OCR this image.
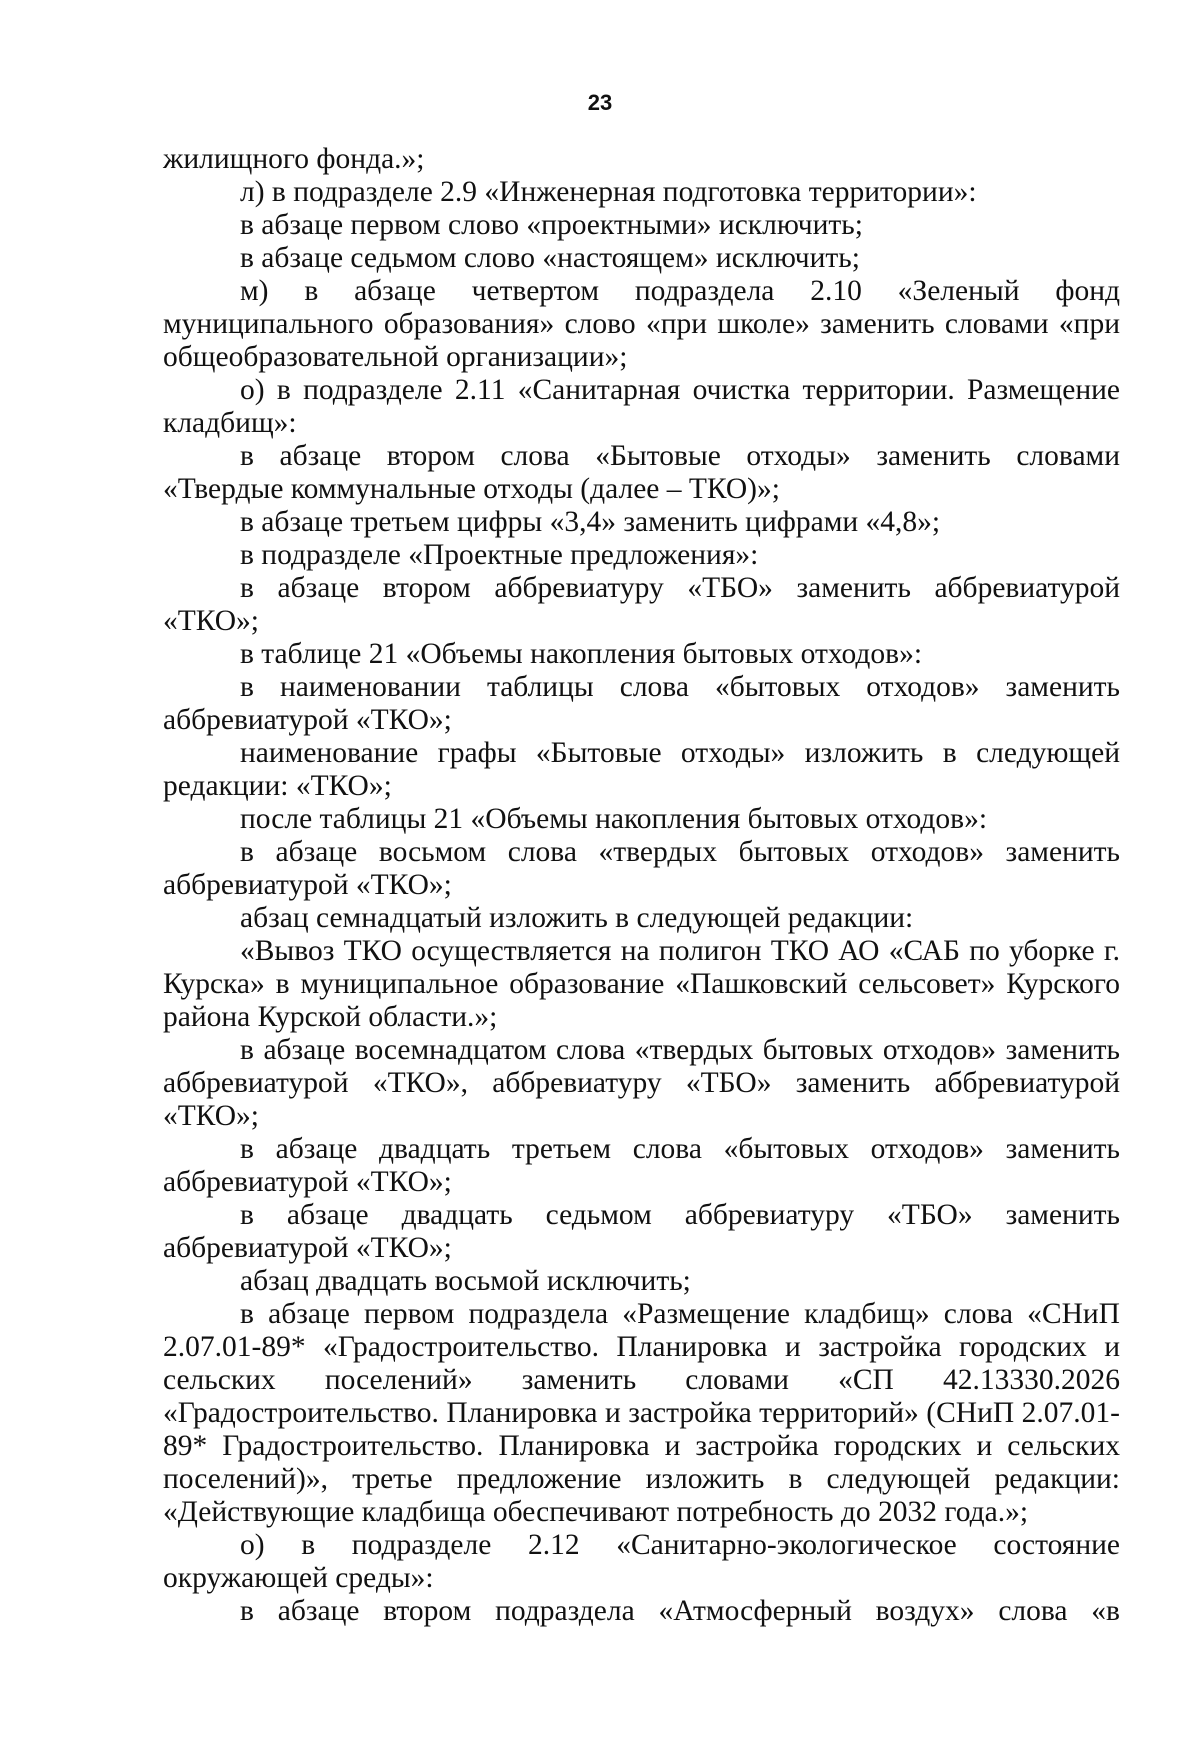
23

жилищного фонда.»;

л) в подразделе 2.9 «Инженерная подготовка территории»:

в абзаце первом слово «проектными» исключить;

в абзаце седьмом слово «настоящем» исключить;

м) в абзаце четвертом подраздела 2.10 «Зеленый фонд муниципального образования» слово «при школе» заменить словами «при общеобразовательной организации»;

о) в подразделе 2.11 «Санитарная очистка территории. Размещение кладбищ»:

в абзаце втором слова «Бытовые отходы» заменить словами «Твердые коммунальные отходы (далее – ТКО)»;

в абзаце третьем цифры «3,4» заменить цифрами «4,8»;

в подразделе «Проектные предложения»:

в абзаце втором аббревиатуру «ТБО» заменить аббревиатурой «ТКО»;

в таблице 21 «Объемы накопления бытовых отходов»:

в наименовании таблицы слова «бытовых отходов» заменить аббревиатурой «ТКО»;

наименование графы «Бытовые отходы» изложить в следующей редакции: «ТКО»;

после таблицы 21 «Объемы накопления бытовых отходов»:

в абзаце восьмом слова «твердых бытовых отходов» заменить аббревиатурой «ТКО»;

абзац семнадцатый изложить в следующей редакции:

«Вывоз ТКО осуществляется на полигон ТКО АО «САБ по уборке г. Курска» в муниципальное образование «Пашковский сельсовет» Курского района Курской области.»;

в абзаце восемнадцатом слова «твердых бытовых отходов» заменить аббревиатурой «ТКО», аббревиатуру «ТБО» заменить аббревиатурой «ТКО»;

в абзаце двадцать третьем слова «бытовых отходов» заменить аббревиатурой «ТКО»;

в абзаце двадцать седьмом аббревиатуру «ТБО» заменить аббревиатурой «ТКО»;

абзац двадцать восьмой исключить;

в абзаце первом подраздела «Размещение кладбищ» слова «СНиП 2.07.01-89* «Градостроительство. Планировка и застройка городских и сельских поселений» заменить словами «СП 42.13330.2026 «Градостроительство. Планировка и застройка территорий» (СНиП 2.07.01-89* Градостроительство. Планировка и застройка городских и сельских поселений)», третье предложение изложить в следующей редакции: «Действующие кладбища обеспечивают потребность до 2032 года.»;

о) в подразделе 2.12 «Санитарно-экологическое состояние окружающей среды»:

в абзаце втором подраздела «Атмосферный воздух» слова «в
